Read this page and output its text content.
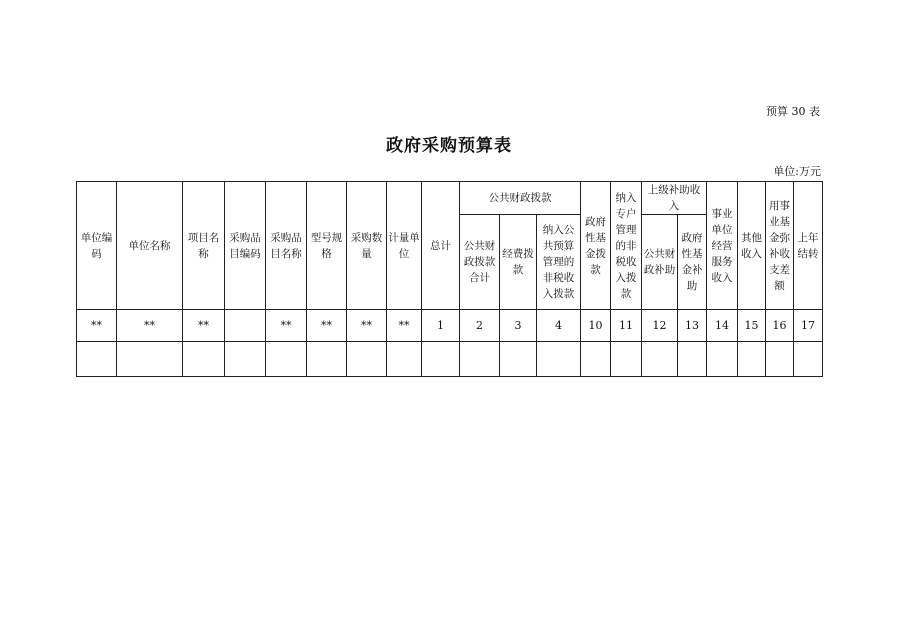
预算 30 表
政府采购预算表
单位:万元
单位编码	单位名称	项目名称	采购品目编码	采购品目名称	型号规格	采购数量	计量单位	总计	公共财政拨款			政府性基金拨款	纳入专户管理的非税收入拨款	上级补助收入		事业单位经营服务收入	其他收入	用事业基金弥补收支差额	上年结转
									公共财政拨款合计	经费拨款	纳入公共预算管理的非税收入拨款			公共财政补助	政府性基金补助				
**	**	**		**	**	**	**	1	2	3	4	10	11	12	13	14	15	16	17
